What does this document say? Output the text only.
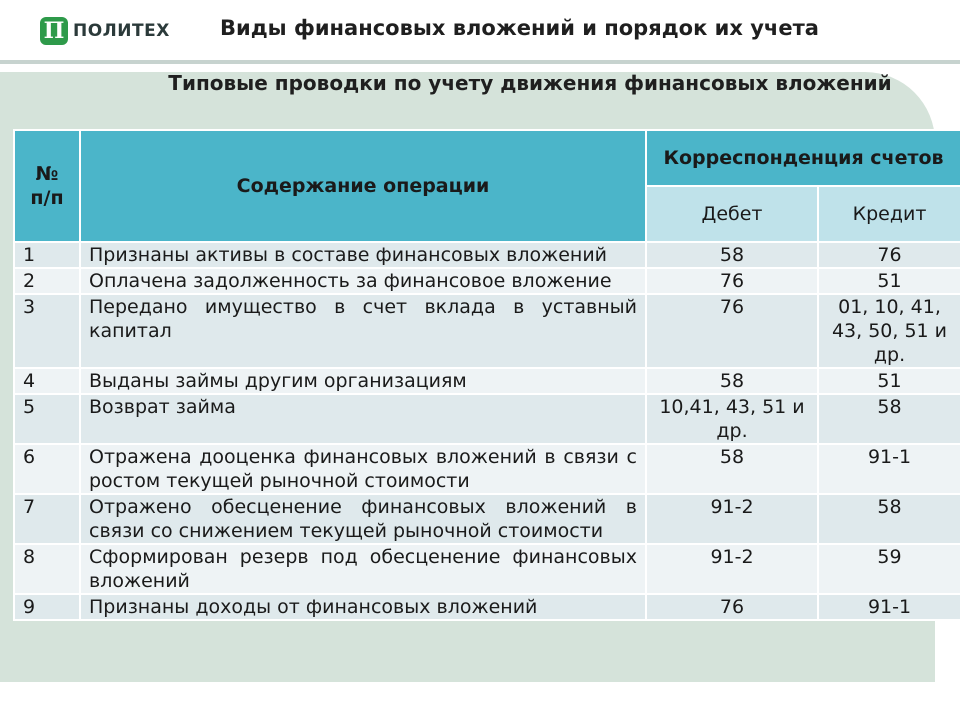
П ПОЛИТЕХ Виды финансовых вложений и порядок их учета
Типовые проводки по учету движения финансовых вложений
№ п/п	Содержание операции	Корреспонденция счетов	
		Дебет	Кредит
1	Признаны активы в составе финансовых вложений	58	76
2	Оплачена задолженность за финансовое вложение	76	51
3	Передано имущество в счет вклада в уставный капитал	76	01, 10, 41, 43, 50, 51 и др.
4	Выданы займы другим организациям	58	51
5	Возврат займа	10,41, 43, 51 и др.	58
6	Отражена дооценка финансовых вложений в связи с ростом текущей рыночной стоимости	58	91-1
7	Отражено обесценение финансовых вложений в связи со снижением текущей рыночной стоимости	91-2	58
8	Сформирован резерв под обесценение финансовых вложений	91-2	59
9	Признаны доходы от финансовых вложений	76	91-1
